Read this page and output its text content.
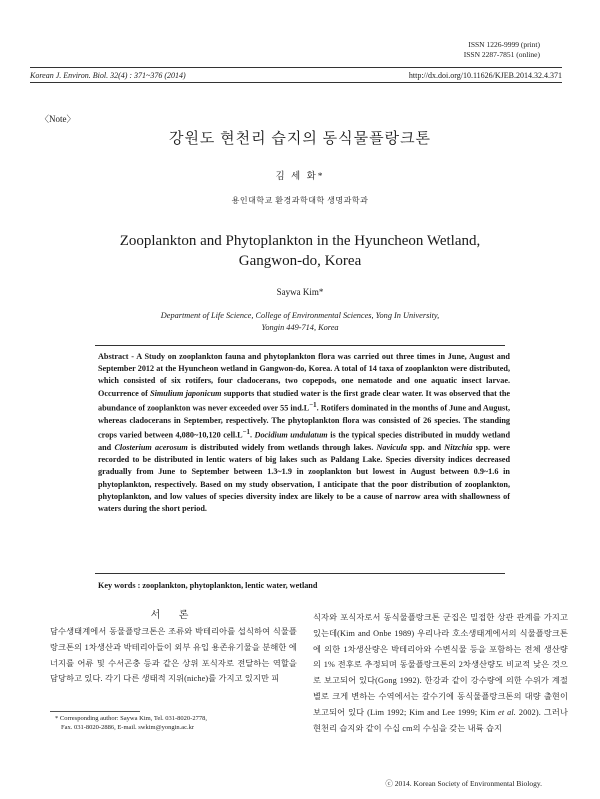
ISSN 1226-9999 (print)
ISSN 2287-7851 (online)
Korean J. Environ. Biol. 32(4) : 371~376 (2014)	http://dx.doi.org/10.11626/KJEB.2014.32.4.371
〈Note〉
강원도 현천리 습지의 동식물플랑크톤
김 세 화*
용인대학교 환경과학대학 생명과학과
Zooplankton and Phytoplankton in the Hyuncheon Wetland,
Gangwon-do, Korea
Saywa Kim*
Department of Life Science, College of Environmental Sciences, Yong In University,
Yongin 449-714, Korea
Abstract - A Study on zooplankton fauna and phytoplankton flora was carried out three times in June, August and September 2012 at the Hyuncheon wetland in Gangwon-do, Korea. A total of 14 taxa of zooplankton were distributed, which consisted of six rotifers, four cladocerans, two copepods, one nematode and one aquatic insect larvae. Occurrence of Simulium japonicum supports that studied water is the first grade clear water. It was observed that the abundance of zooplankton was never exceeded over 55 $ind.L^{-1}$. Rotifers dominated in the months of June and August, whereas cladocerans in September, respectively. The phytoplankton flora was consisted of 26 species. The standing crops varied between 4,080~10,120 $cell.L^{-1}$. Docidium undulatum is the typical species distributed in muddy wetland and Closterium acerosum is distributed widely from wetlands through lakes. Navicula spp. and Nitzchia spp. were recorded to be distributed in lentic waters of big lakes such as Paldang Lake. Species diversity indices decreased gradually from June to September between 1.3~1.9 in zooplankton but lowest in August between 0.9~1.6 in phytoplankton, respectively. Based on my study observation, I anticipate that the poor distribution of zooplankton, phytoplankton, and low values of species diversity index are likely to be a cause of narrow area with shallowness of waters during the short period.
Key words : zooplankton, phytoplankton, lentic water, wetland
서 론
담수생태계에서 동물플랑크톤은 조류와 박테리아를 섭식하여 식물플랑크톤의 1차생산과 박테리아들이 외부 유입 용존유기물을 분해한 에너지를 어류 및 수서곤충 등과 같은 상위 포식자로 전달하는 역할을 담당하고 있다. 각기 다른 생태적 지위(niche)를 가지고 있지만 피
식자와 포식자로서 동식물플랑크톤 군집은 밀접한 상관 관계를 가지고 있는데(Kim and Onbe 1989) 우리나라 호소생태계에서의 식물플랑크톤에 의한 1차생산량은 박테리아와 수변식물 등을 포함하는 전체 생산량의 1% 전후로 추정되며 동물플랑크톤의 2차생산량도 비교적 낮은 것으로 보고되어 있다(Gong 1992). 한강과 같이 강수량에 의한 수위가 계절별로 크게 변하는 수역에서는 갈수기에 동식물플랑크톤의 대량 출현이 보고되어 있다 (Lim 1992; Kim and Lee 1999; Kim et al. 2002). 그러나 현천리 습지와 같이 수십 cm의 수심을 갖는 내륙 습지
* Corresponding author: Saywa Kim, Tel. 031-8020-2778,
Fax. 031-8020-2886, E-mail. swkim@yongin.ac.kr
ⓒ 2014. Korean Society of Environmental Biology.
